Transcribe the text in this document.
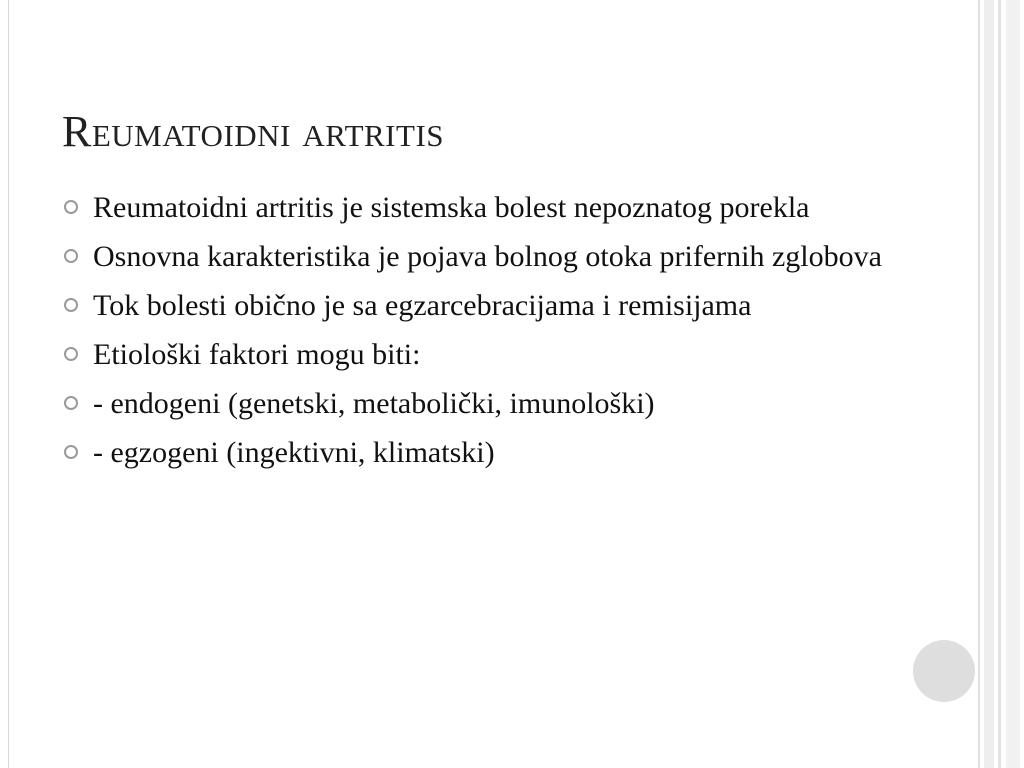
Reumatoidni artritis
Reumatoidni artritis je sistemska bolest nepoznatog porekla
Osnovna karakteristika je pojava bolnog otoka prifernih zglobova
Tok bolesti obično je sa egzarcebracijama i remisijama
Etiološki faktori mogu biti:
- endogeni (genetski, metabolički, imunološki)
- egzogeni (ingektivni, klimatski)
